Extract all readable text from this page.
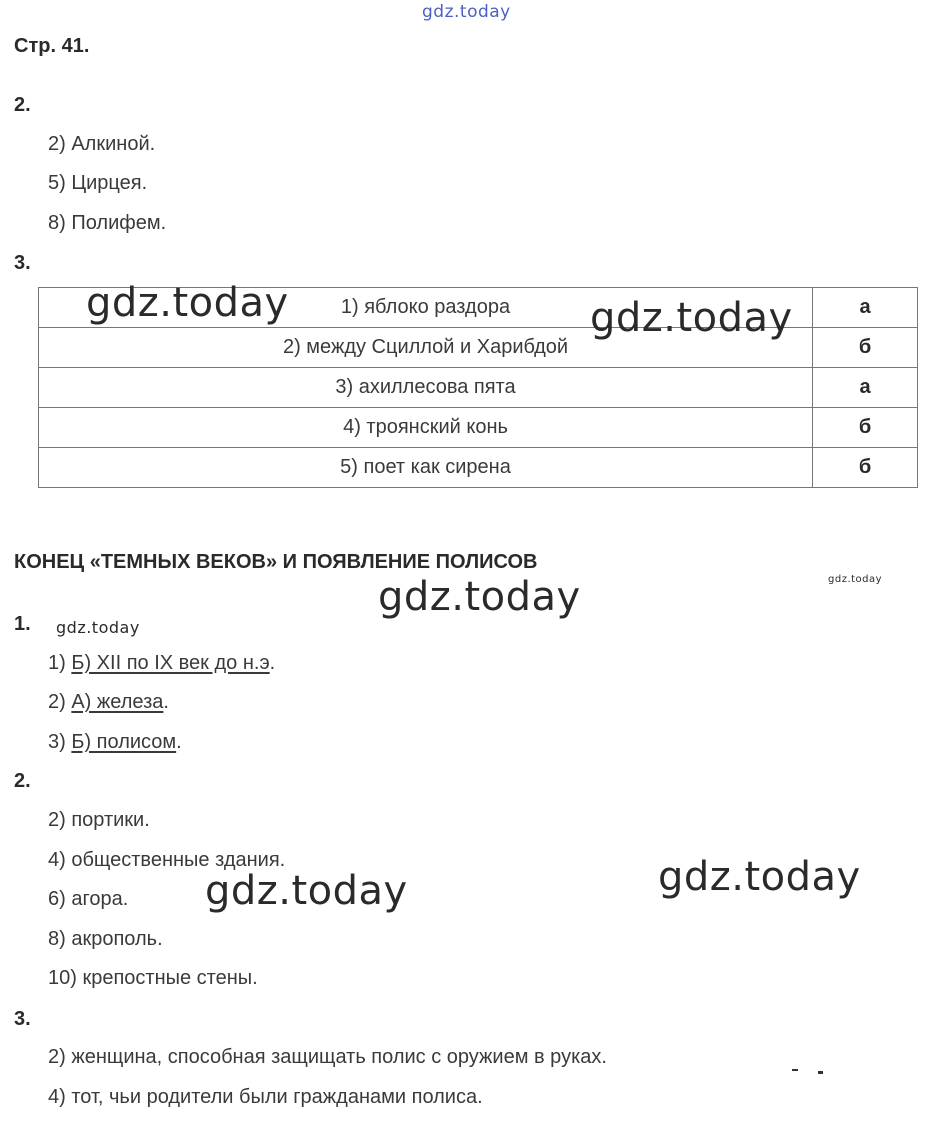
gdz.today
Стр. 41.
2.
2) Алкиной.
5) Цирцея.
8) Полифем.
3.
1) яблоко раздора	а
2) между Сциллой и Харибдой	б
3) ахиллесова пята	а
4) троянский конь	б
5) поет как сирена	б
gdz.today	gdz.today
КОНЕЦ «ТЕМНЫХ ВЕКОВ» И ПОЯВЛЕНИЕ ПОЛИСОВ
gdz.today
gdz.today
1. gdz.today
1) Б) XII по IX век до н.э.
2) А) железа.
3) Б) полисом.
2.
2) портики.
4) общественные здания.
6) агора.
8) акрополь.
10) крепостные стены.
gdz.today	gdz.today
3.
2) женщина, способная защищать полис с оружием в руках.
4) тот, чьи родители были гражданами полиса.
